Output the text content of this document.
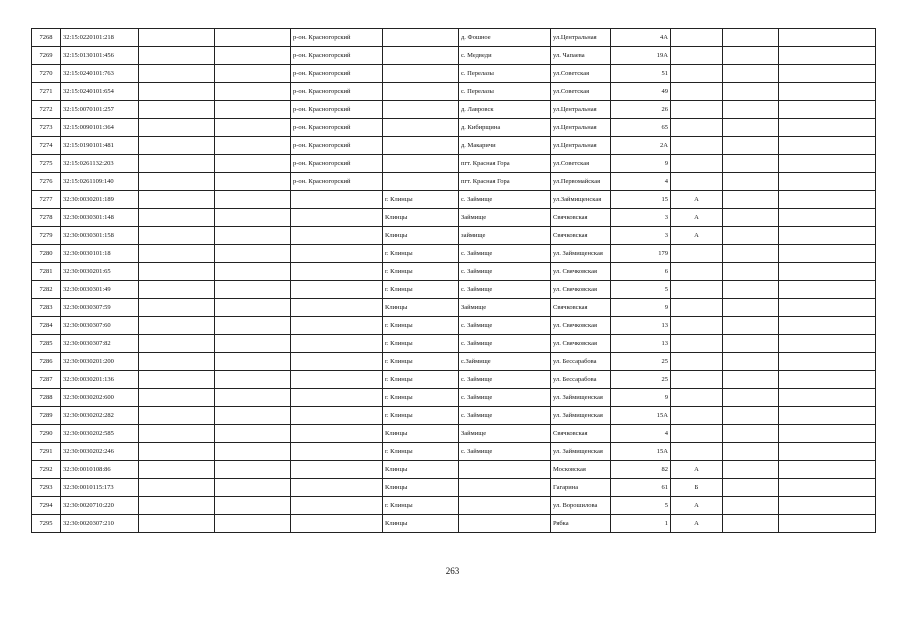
7268	32:15:0220101:218			р-он. Красногорский		д. Фошное	ул.Центральная	4А			
7269	32:15:0130101:456			р-он. Красногорский		с. Медведи	ул. Чапаева	19А			
7270	32:15:0240101:763			р-он. Красногорский		с. Перелазы	ул.Советская	51			
7271	32:15:0240101:654			р-он. Красногорский		с. Перелазы	ул.Советская	49			
7272	32:15:0070101:257			р-он. Красногорский		д. Лавровск	ул.Центральная	26			
7273	32:15:0090101:364			р-он. Красногорский		д. Кибирщина	ул.Центральная	65			
7274	32:15:0190101:481			р-он. Красногорский		д. Макаричи	ул.Центральная	2А			
7275	32:15:0261132:203			р-он. Красногорский		пгт. Красная Гора	ул.Советская	9			
7276	32:15:0261109:140			р-он. Красногорский		пгт. Красная Гора	ул.Первомайская	4			
7277	32:30:0030201:189				г. Клинцы	с. Займище	ул.Займищенская	15	А		
7278	32:30:0030301:148				Клинцы	Займище	Свячковская	3	А		
7279	32:30:0030301:158				Клинцы	займище	Свячковская	3	А		
7280	32:30:0030101:18				г. Клинцы	с. Займище	ул. Займищенская	179			
7281	32:30:0030201:65				г. Клинцы	с. Займище	ул. Свячковская	6			
7282	32:30:0030301:49				г. Клинцы	с. Займище	ул. Свячковская	5			
7283	32:30:0030307:59				Клинцы	Займище	Свячковская	9			
7284	32:30:0030307:60				г. Клинцы	с. Займище	ул. Свячковская	13			
7285	32:30:0030307:82				г. Клинцы	с. Займище	ул. Свячковская	13			
7286	32:30:0030201:200				г. Клинцы	с.Займище	ул. Бессарабова	25			
7287	32:30:0030201:136				г. Клинцы	с. Займище	ул. Бессарабова	25			
7288	32:30:0030202:600				г. Клинцы	с. Займище	ул. Займищенская	9			
7289	32:30:0030202:282				г. Клинцы	с. Займище	ул. Займищенская	15А			
7290	32:30:0030202:585				Клинцы	Займище	Свячковская	4			
7291	32:30:0030202:246				г. Клинцы	с. Займище	ул. Займищенская	15А			
7292	32:30:0010108:86				Клинцы		Московская	82	А		
7293	32:30:0010115:173				Клинцы		Гагарина	61	Б		
7294	32:30:0020710:220				г. Клинцы		ул. Ворошилова	5	А		
7295	32:30:0020307:210				Клинцы		Рябка	1	А		
263
